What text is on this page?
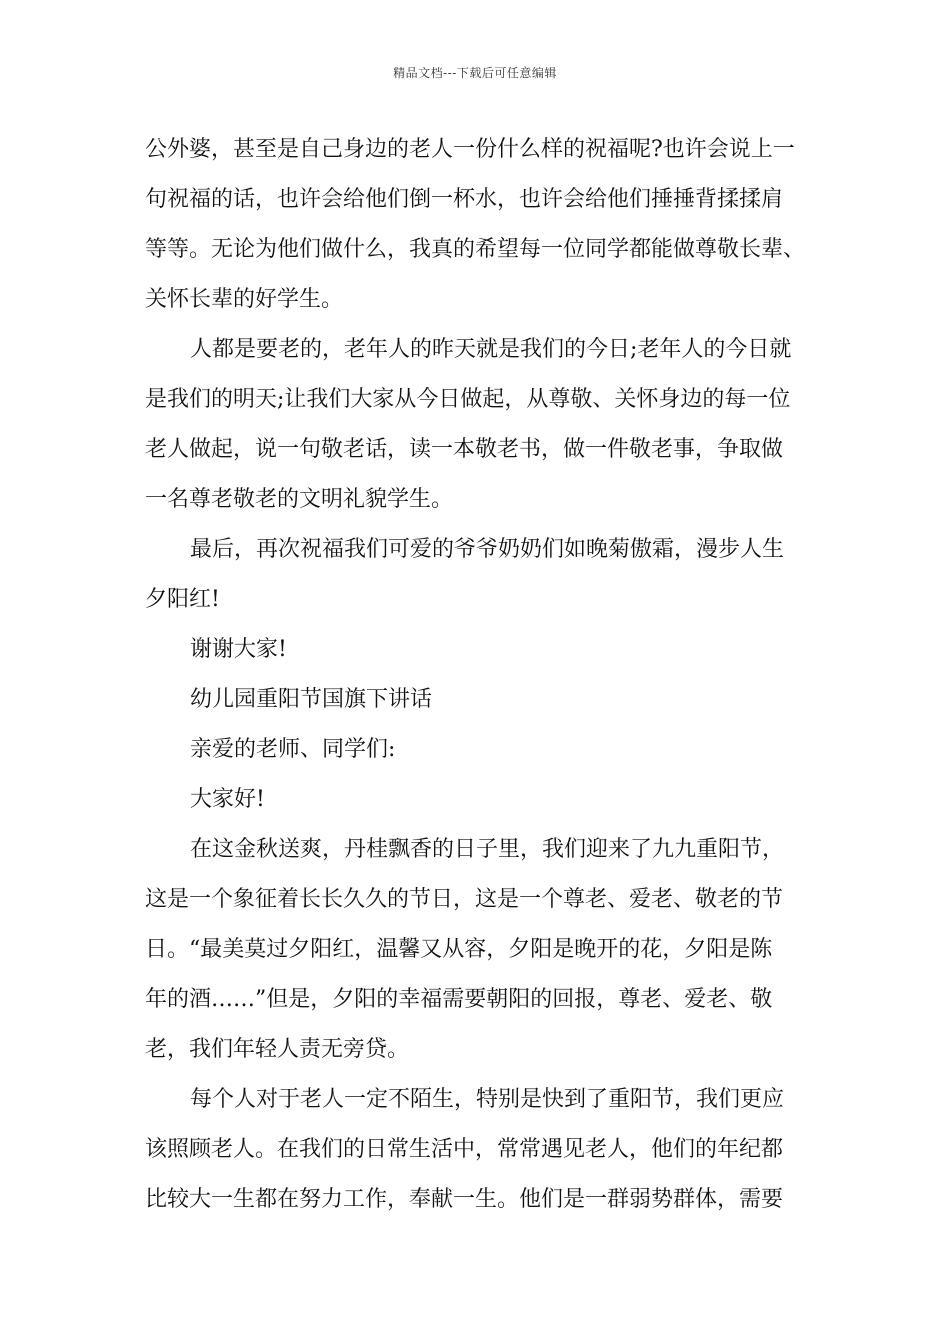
精品文档---下载后可任意编辑
公外婆，甚至是自己身边的老人一份什么样的祝福呢?也许会说上一
句祝福的话，也许会给他们倒一杯水，也许会给他们捶捶背揉揉肩
等等。无论为他们做什么，我真的希望每一位同学都能做尊敬长辈、
关怀长辈的好学生。
人都是要老的，老年人的昨天就是我们的今日;老年人的今日就
是我们的明天;让我们大家从今日做起，从尊敬、关怀身边的每一位
老人做起，说一句敬老话，读一本敬老书，做一件敬老事，争取做
一名尊老敬老的文明礼貌学生。
最后，再次祝福我们可爱的爷爷奶奶们如晚菊傲霜，漫步人生
夕阳红!
谢谢大家!
幼儿园重阳节国旗下讲话
亲爱的老师、同学们:
大家好!
在这金秋送爽，丹桂飘香的日子里，我们迎来了九九重阳节，
这是一个象征着长长久久的节日，这是一个尊老、爱老、敬老的节
日。“最美莫过夕阳红，温馨又从容，夕阳是晚开的花，夕阳是陈
年的酒……”但是，夕阳的幸福需要朝阳的回报，尊老、爱老、敬
老，我们年轻人责无旁贷。
每个人对于老人一定不陌生，特别是快到了重阳节，我们更应
该照顾老人。在我们的日常生活中，常常遇见老人，他们的年纪都
比较大一生都在努力工作，奉献一生。他们是一群弱势群体，需要
